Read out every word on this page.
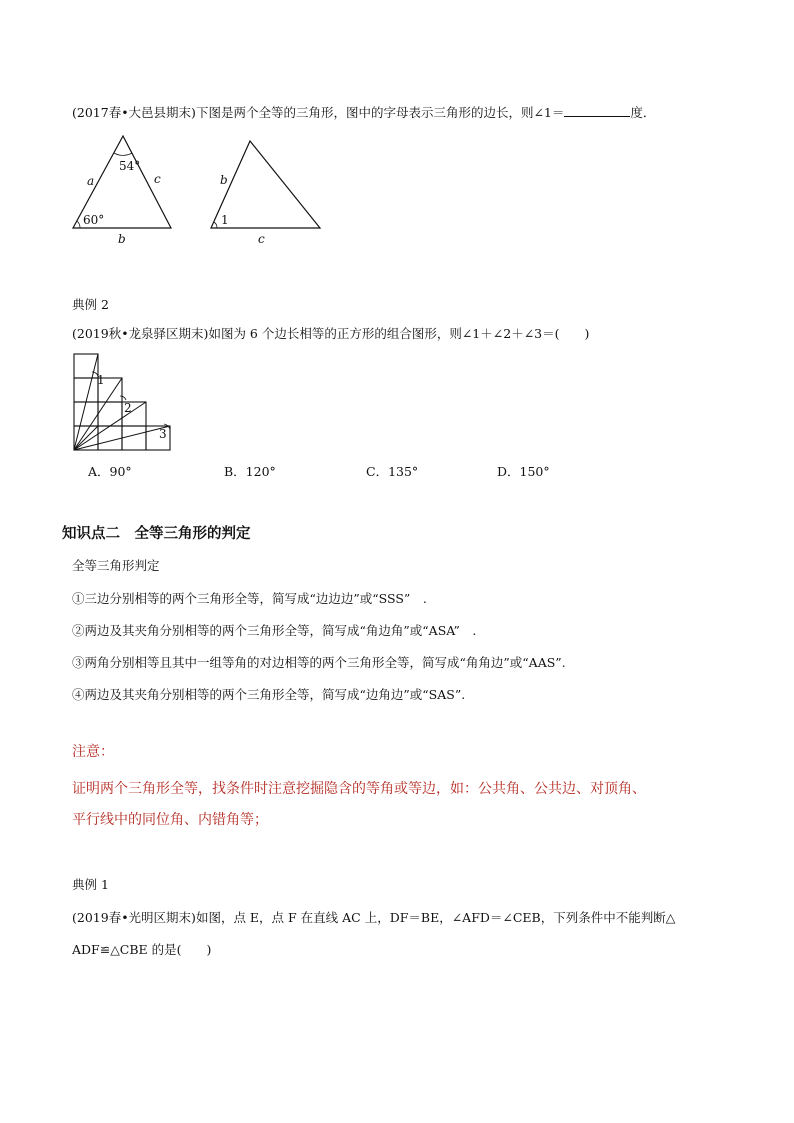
(2017春•大邑县期末)下图是两个全等的三角形，图中的字母表示三角形的边长，则∠1＝	度．
a	c
b
54°
60°
b
c
1
典例 2
(2019秋•龙泉驿区期末)如图为 6 个边长相等的正方形的组合图形，则∠1＋∠2＋∠3＝(　　)
1
2
3
A．90°	B．120°	C．135°	D．150°
知识点二　全等三角形的判定
全等三角形判定
①三边分别相等的两个三角形全等，简写成“边边边”或“SSS”　.
②两边及其夹角分别相等的两个三角形全等，简写成“角边角”或“ASA”　.
③两角分别相等且其中一组等角的对边相等的两个三角形全等，简写成“角角边”或“AAS”.
④两边及其夹角分别相等的两个三角形全等，简写成“边角边”或“SAS”.
注意：
证明两个三角形全等，找条件时注意挖掘隐含的等角或等边，如：公共角、公共边、对顶角、
平行线中的同位角、内错角等；
典例 1
(2019春•光明区期末)如图，点 E，点 F 在直线 AC 上，DF＝BE，∠AFD＝∠CEB，下列条件中不能判断△
ADF≌△CBE 的是(　　)
